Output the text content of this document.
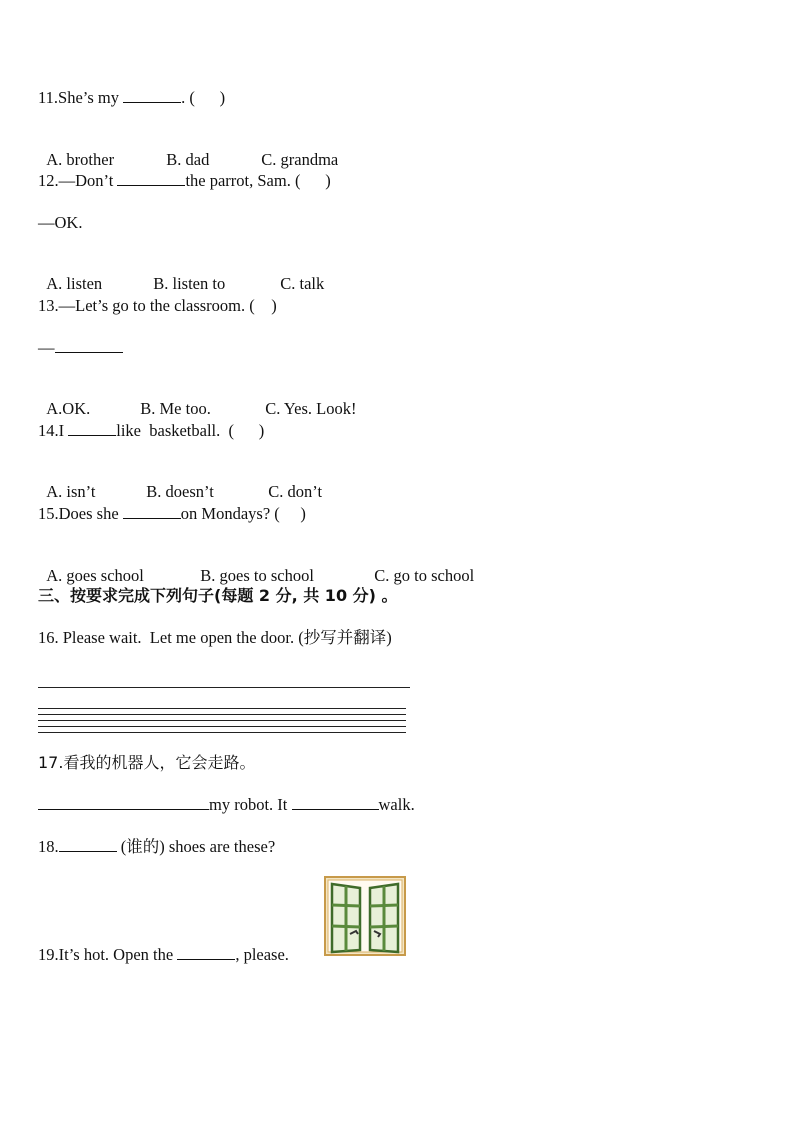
11.She’s my	. (      )

A. brother	B. dad	C. grandma

12.—Don’t	the parrot, Sam. (      )
—OK.

A. listen	B. listen to	C. talk

13.—Let’s go to the classroom. (    )
—

A.OK.	B. Me too.	C. Yes. Look!

14.I	like  basketball.  (      )

A. isn’t	B. doesn’t	C. don’t

15.Does she	on Mondays? (     )

A. goes school	B. goes to school	C. go to school

三、按要求完成下列句子(每题 2 分, 共 10 分) 。
16. Please wait.  Let me open the door. (抄写并翻译)
17.看我的机器人，它会走路。
my robot. It	walk.
18.	(谁的) shoes are these?
19.It’s hot. Open the	, please.
